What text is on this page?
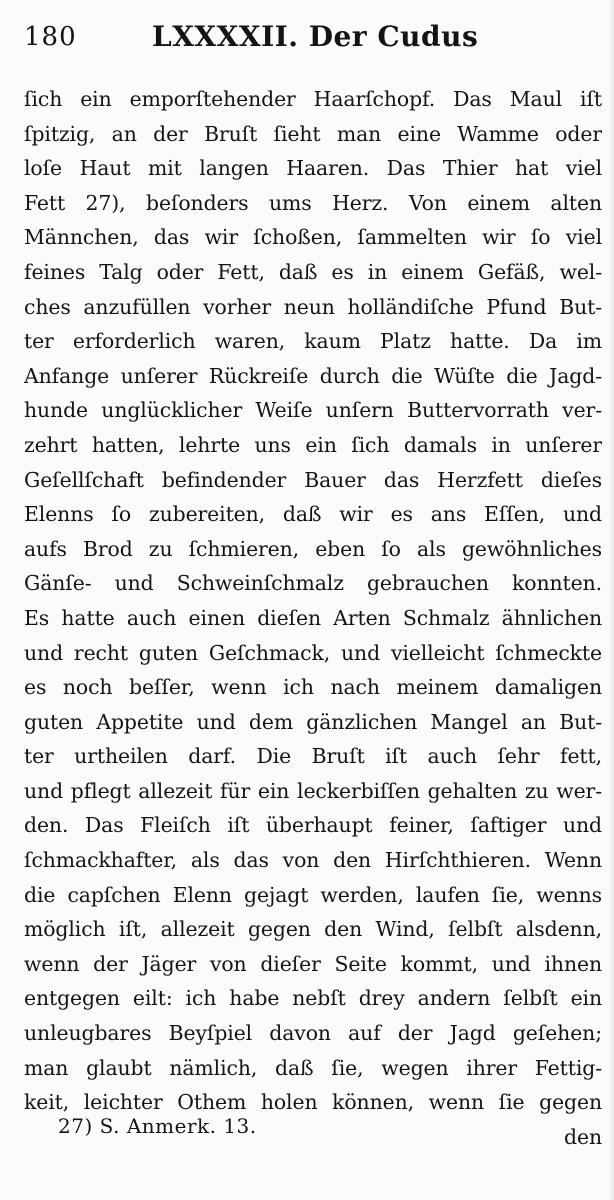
180	LXXXXII. Der Cudus
ſich ein emporſtehender Haarſchopf. Das Maul iſt
ſpitzig, an der Bruſt ſieht man eine Wamme oder
loſe Haut mit langen Haaren. Das Thier hat viel
Fett 27), beſonders ums Herz. Von einem alten
Männchen, das wir ſchoßen, ſammelten wir ſo viel
feines Talg oder Fett, daß es in einem Gefäß, wel-
ches anzufüllen vorher neun holländiſche Pfund But-
ter erforderlich waren, kaum Platz hatte. Da im
Anfange unſerer Rückreiſe durch die Wüſte die Jagd-
hunde unglücklicher Weiſe unſern Buttervorrath ver-
zehrt hatten, lehrte uns ein ſich damals in unſerer
Geſellſchaft befindender Bauer das Herzfett dieſes
Elenns ſo zubereiten, daß wir es ans Eſſen, und
aufs Brod zu ſchmieren, eben ſo als gewöhnliches
Gänſe- und Schweinſchmalz gebrauchen konnten.
Es hatte auch einen dieſen Arten Schmalz ähnlichen
und recht guten Geſchmack, und vielleicht ſchmeckte
es noch beſſer, wenn ich nach meinem damaligen
guten Appetite und dem gänzlichen Mangel an But-
ter urtheilen darf. Die Bruſt iſt auch ſehr fett,
und pflegt allezeit für ein leckerbiſſen gehalten zu wer-
den. Das Fleiſch iſt überhaupt feiner, ſaftiger und
ſchmackhafter, als das von den Hirſchthieren. Wenn
die capſchen Elenn gejagt werden, laufen ſie, wenns
möglich iſt, allezeit gegen den Wind, ſelbſt alsdenn,
wenn der Jäger von dieſer Seite kommt, und ihnen
entgegen eilt: ich habe nebſt drey andern ſelbſt ein
unleugbares Beyſpiel davon auf der Jagd geſehen;
man glaubt nämlich, daß ſie, wegen ihrer Fettig-
keit, leichter Othem holen können, wenn ſie gegen
den
27) S. Anmerk. 13.
